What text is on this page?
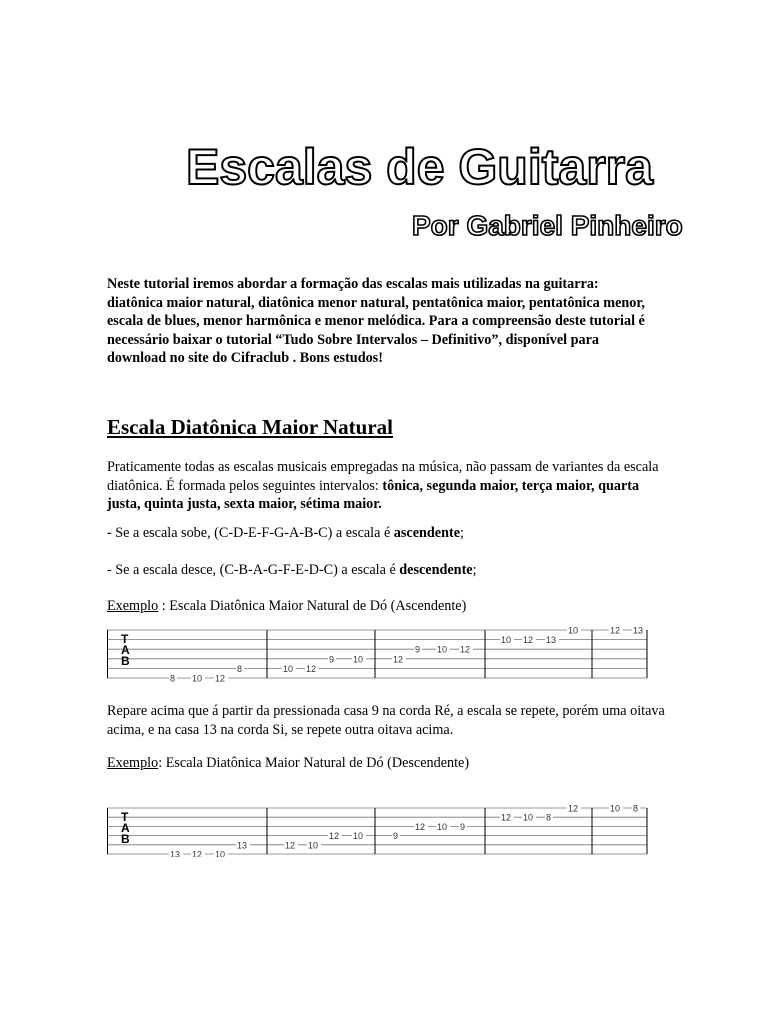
Escalas de Guitarra
Por Gabriel Pinheiro

Neste tutorial iremos abordar a formação das escalas mais utilizadas na guitarra: diatônica maior natural, diatônica menor natural, pentatônica maior, pentatônica menor, escala de blues, menor harmônica e menor melódica. Para a compreensão deste tutorial é necessário baixar o tutorial “Tudo Sobre Intervalos – Definitivo”, disponível para download no site do Cifraclub . Bons estudos!

Escala Diatônica Maior Natural

Praticamente todas as escalas musicais empregadas na música, não passam de variantes da escala diatônica. É formada pelos seguintes intervalos: tônica, segunda maior, terça maior, quarta justa, quinta justa, sexta maior, sétima maior.

- Se a escala sobe, (C-D-E-F-G-A-B-C) a escala é ascendente;

- Se a escala desce, (C-B-A-G-F-E-D-C) a escala é descendente;

Exemplo : Escala Diatônica Maior Natural de Dó (Ascendente)

T
A
B
8 10 12
8	10 12
9 10	12
9 10 12
10 12 13
10	12 13

Repare acima que á partir da pressionada casa 9 na corda Ré, a escala se repete, porém uma oitava acima, e na casa 13 na corda Si, se repete outra oitava acima.

Exemplo: Escala Diatônica Maior Natural de Dó (Descendente)

T
A
B
13 12 10
13	12 10
12 10	9
12 10 9
12 10 8
12	10 8
